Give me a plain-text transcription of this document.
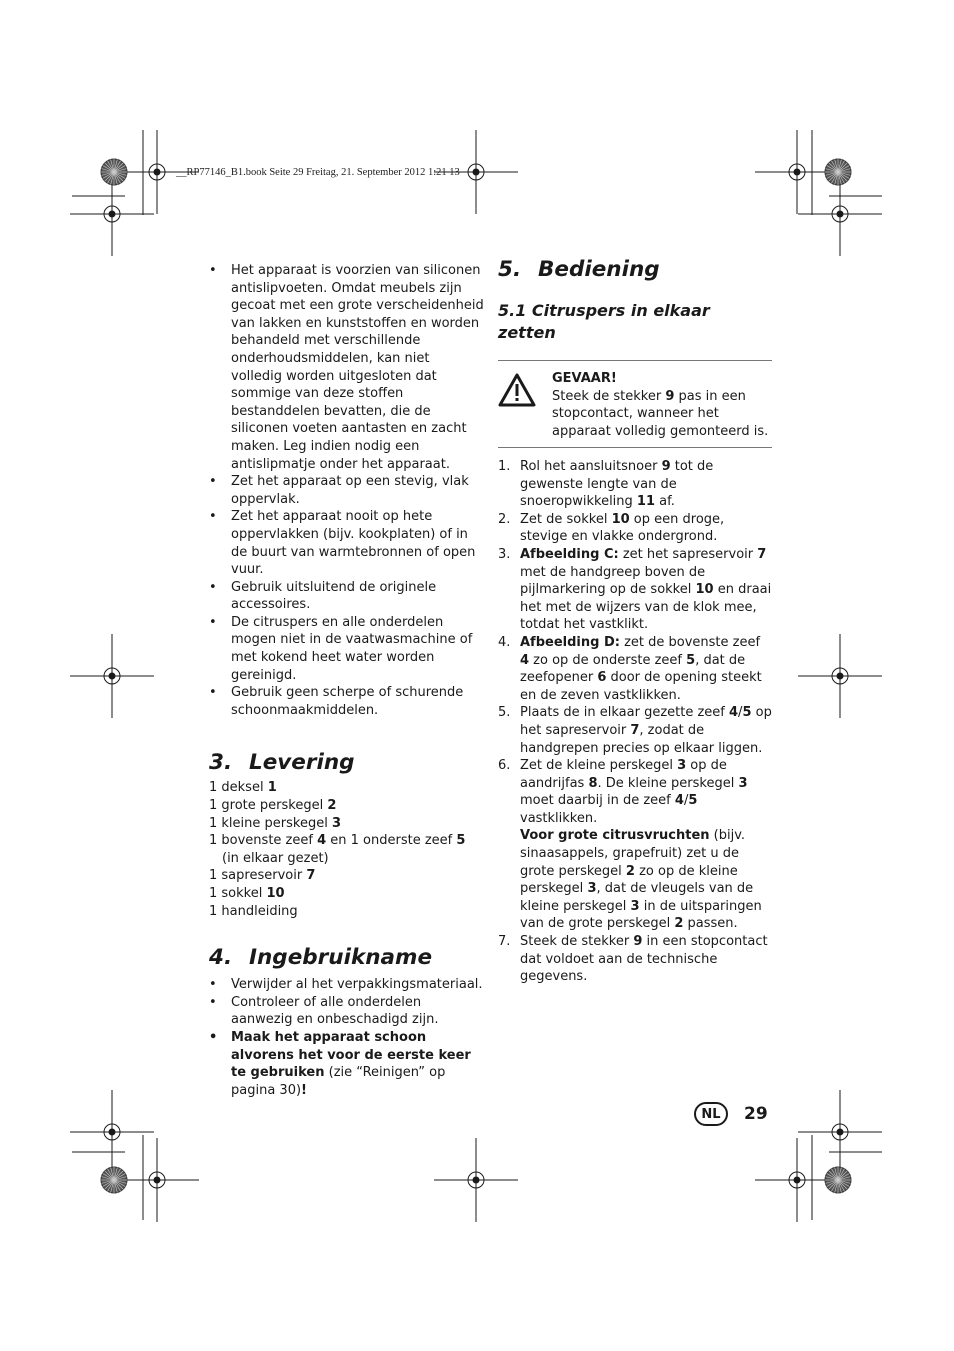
__RP77146_B1.book Seite 29 Freitag, 21. September 2012 1:21 13
• Het apparaat is voorzien van siliconen antislipvoeten. Omdat meubels zijn gecoat met een grote verscheidenheid van lakken en kunststoffen en worden behandeld met verschillende onderhoudsmiddelen, kan niet volledig worden uitgesloten dat sommige van deze stoffen bestanddelen bevatten, die de siliconen voeten aantasten en zacht maken. Leg indien nodig een antislipmatje onder het apparaat.
• Zet het apparaat op een stevig, vlak oppervlak.
• Zet het apparaat nooit op hete oppervlakken (bijv. kookplaten) of in de buurt van warmtebronnen of open vuur.
• Gebruik uitsluitend de originele accessoires.
• De citruspers en alle onderdelen mogen niet in de vaatwasmachine of met kokend heet water worden gereinigd.
• Gebruik geen scherpe of schurende schoonmaakmiddelen.
3. Levering
1 deksel 1
1 grote perskegel 2
1 kleine perskegel 3
1 bovenste zeef 4 en 1 onderste zeef 5 (in elkaar gezet)
1 sapreservoir 7
1 sokkel 10
1 handleiding
4. Ingebruikname
• Verwijder al het verpakkingsmateriaal.
• Controleer of alle onderdelen aanwezig en onbeschadigd zijn.
• Maak het apparaat schoon alvorens het voor de eerste keer te gebruiken (zie “Reinigen” op pagina 30)!
5. Bediening
5.1 Citruspers in elkaar zetten
GEVAAR!
Steek de stekker 9 pas in een stopcontact, wanneer het apparaat volledig gemonteerd is.
1. Rol het aansluitsnoer 9 tot de gewenste lengte van de snoeropwikkeling 11 af.
2. Zet de sokkel 10 op een droge, stevige en vlakke ondergrond.
3. Afbeelding C: zet het sapreservoir 7 met de handgreep boven de pijlmarkering op de sokkel 10 en draai het met de wijzers van de klok mee, totdat het vastklikt.
4. Afbeelding D: zet de bovenste zeef 4 zo op de onderste zeef 5, dat de zeefopener 6 door de opening steekt en de zeven vastklikken.
5. Plaats de in elkaar gezette zeef 4/5 op het sapreservoir 7, zodat de handgrepen precies op elkaar liggen.
6. Zet de kleine perskegel 3 op de aandrijfas 8. De kleine perskegel 3 moet daarbij in de zeef 4/5 vastklikken.
Voor grote citrusvruchten (bijv. sinaasappels, grapefruit) zet u de grote perskegel 2 zo op de kleine perskegel 3, dat de vleugels van de kleine perskegel 3 in de uitsparingen van de grote perskegel 2 passen.
7. Steek de stekker 9 in een stopcontact dat voldoet aan de technische gegevens.
NL	29
